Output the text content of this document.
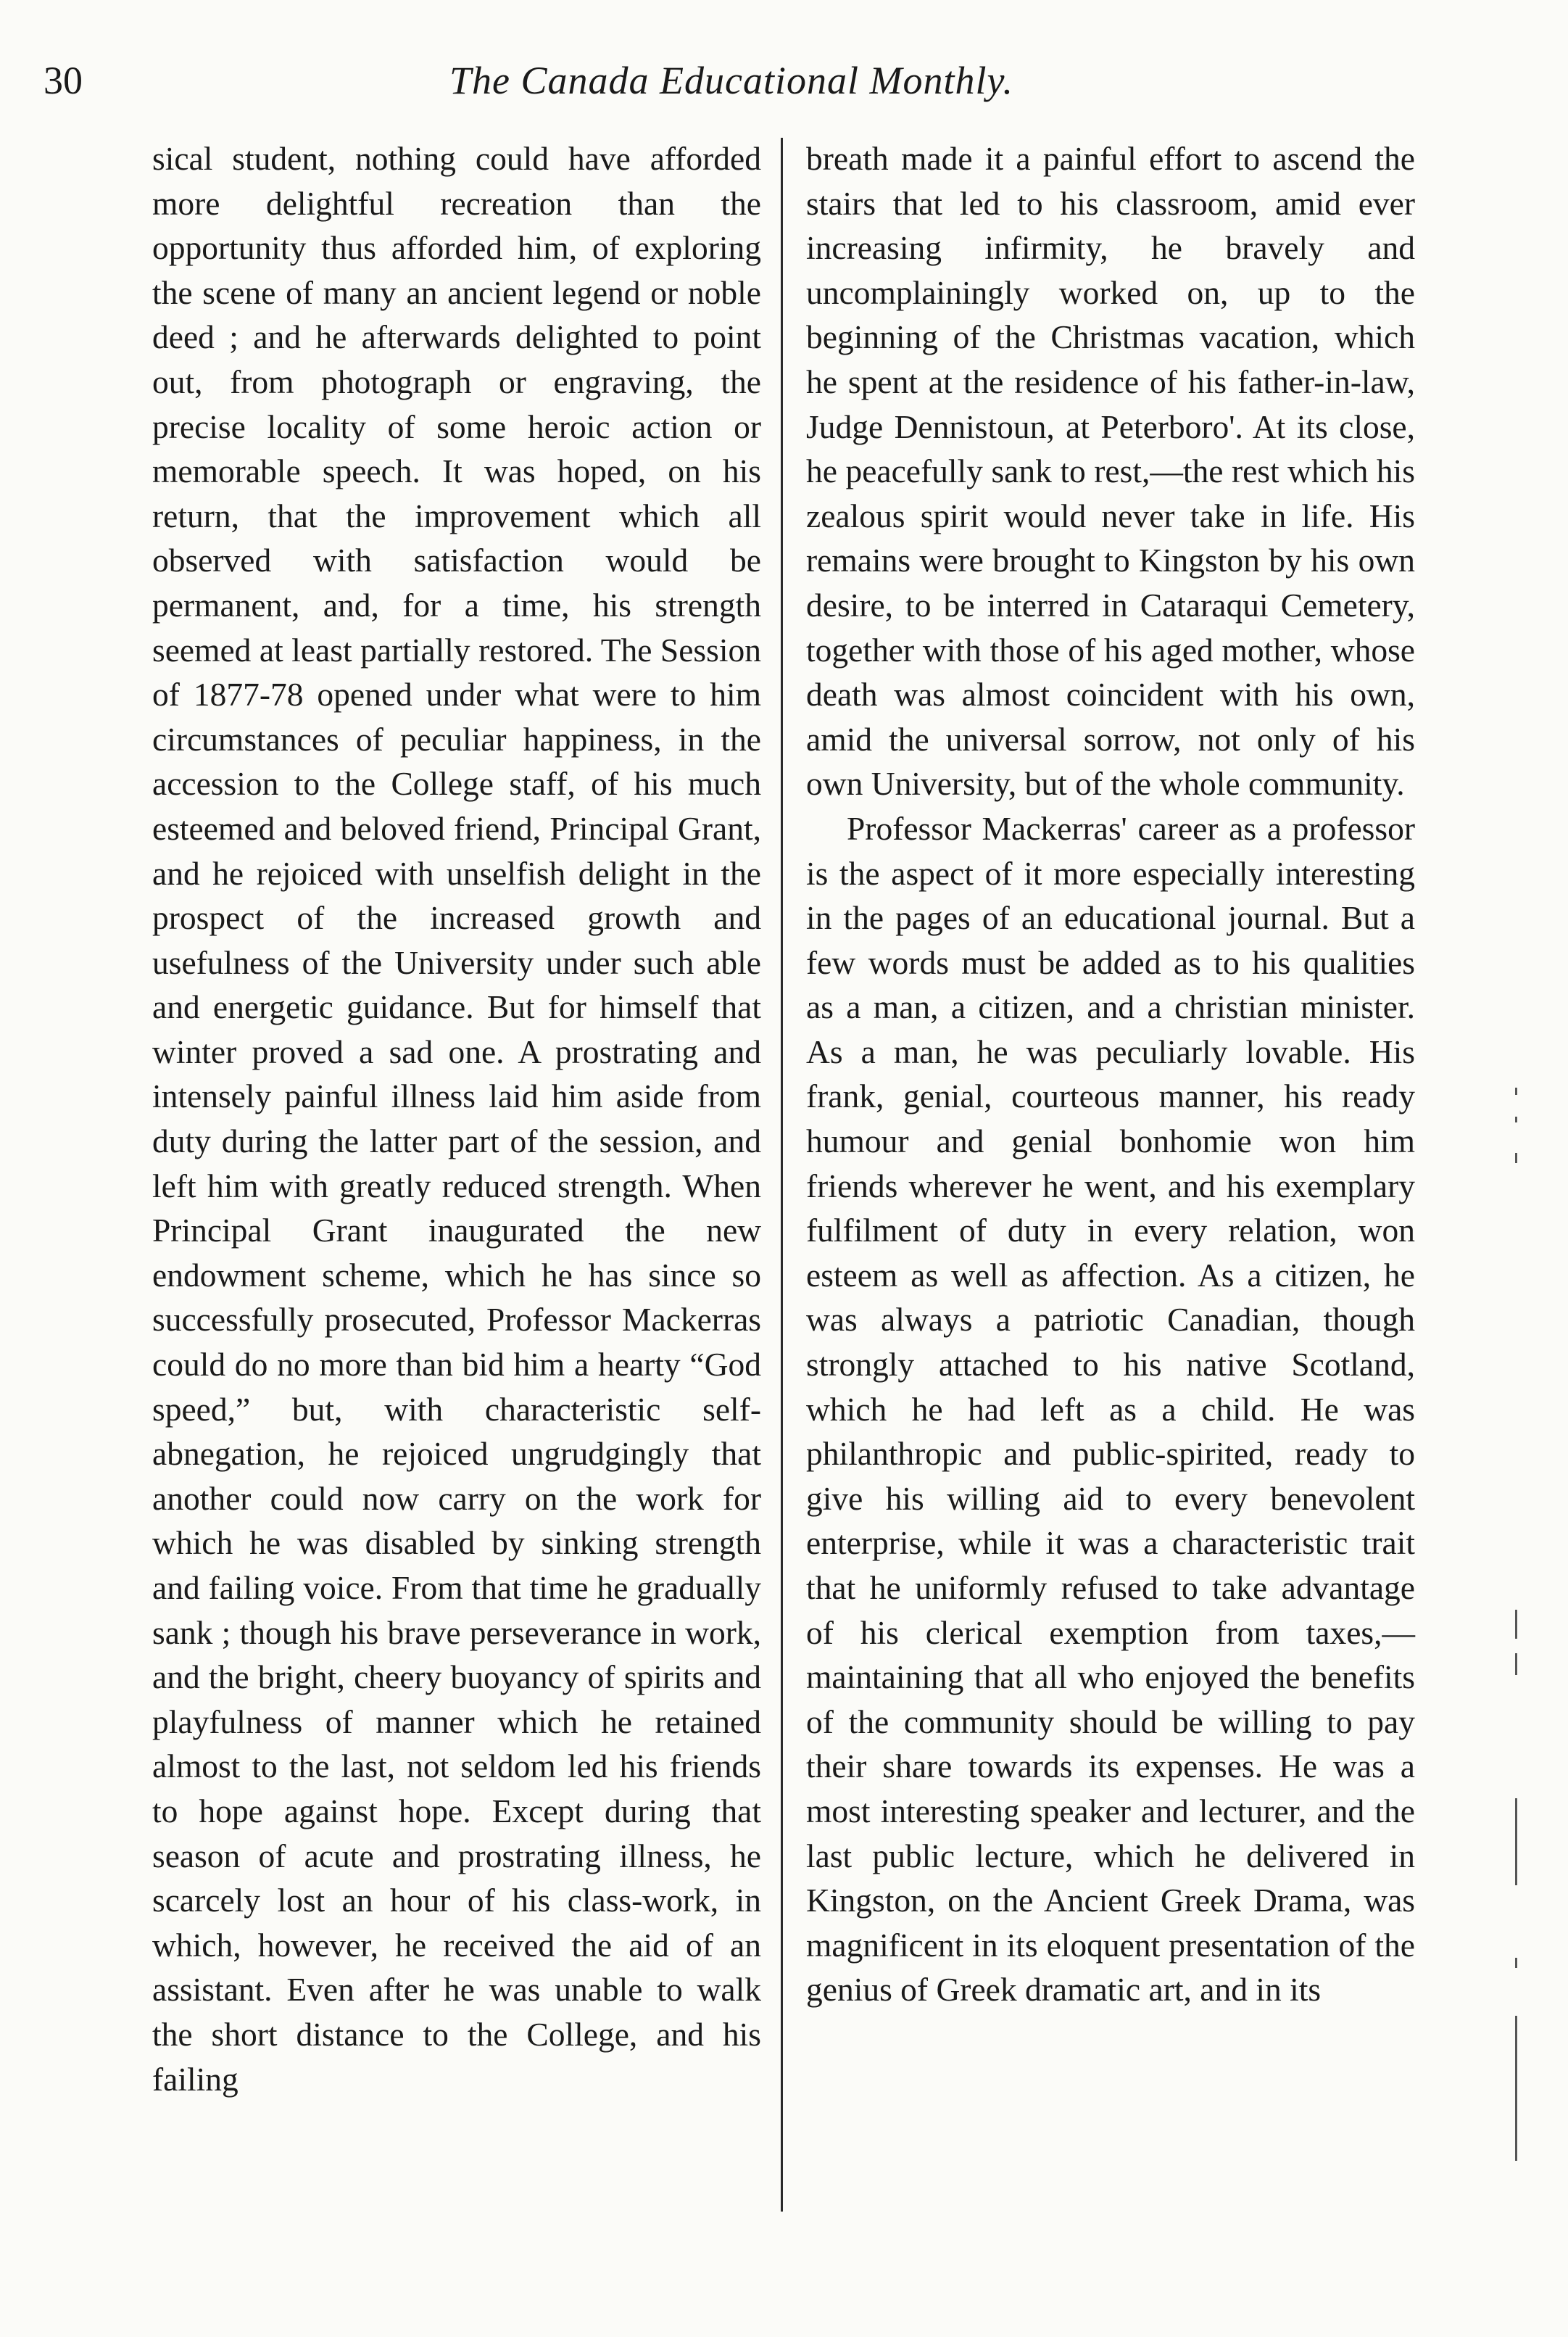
30	The Canada Educational Monthly.

sical student, nothing could have afforded more delightful recreation than the opportunity thus afforded him, of exploring the scene of many an ancient legend or noble deed ; and he afterwards delighted to point out, from photograph or engraving, the precise locality of some heroic action or memorable speech. It was hoped, on his return, that the improvement which all observed with satisfaction would be permanent, and, for a time, his strength seemed at least partially restored. The Session of 1877-78 opened under what were to him circumstances of peculiar happiness, in the accession to the College staff, of his much esteemed and beloved friend, Principal Grant, and he rejoiced with unselfish delight in the prospect of the increased growth and usefulness of the University under such able and energetic guidance. But for himself that winter proved a sad one. A prostrating and intensely painful illness laid him aside from duty during the latter part of the session, and left him with greatly reduced strength. When Principal Grant inaugurated the new endowment scheme, which he has since so successfully prosecuted, Professor Mackerras could do no more than bid him a hearty “God speed,” but, with characteristic self-abnegation, he rejoiced ungrudgingly that another could now carry on the work for which he was disabled by sinking strength and failing voice. From that time he gradually sank ; though his brave perseverance in work, and the bright, cheery buoyancy of spirits and playfulness of manner which he retained almost to the last, not seldom led his friends to hope against hope. Except during that season of acute and prostrating illness, he scarcely lost an hour of his class-work, in which, however, he received the aid of an assistant. Even after he was unable to walk the short distance to the College, and his failing

breath made it a painful effort to ascend the stairs that led to his classroom, amid ever increasing infirmity, he bravely and uncomplainingly worked on, up to the beginning of the Christmas vacation, which he spent at the residence of his father-in-law, Judge Dennistoun, at Peterboro'. At its close, he peacefully sank to rest,—the rest which his zealous spirit would never take in life. His remains were brought to Kingston by his own desire, to be interred in Cataraqui Cemetery, together with those of his aged mother, whose death was almost coincident with his own, amid the universal sorrow, not only of his own University, but of the whole community.

Professor Mackerras' career as a professor is the aspect of it more especially interesting in the pages of an educational journal. But a few words must be added as to his qualities as a man, a citizen, and a christian minister. As a man, he was peculiarly lovable. His frank, genial, courteous manner, his ready humour and genial bonhomie won him friends wherever he went, and his exemplary fulfilment of duty in every relation, won esteem as well as affection. As a citizen, he was always a patriotic Canadian, though strongly attached to his native Scotland, which he had left as a child. He was philanthropic and public-spirited, ready to give his willing aid to every benevolent enterprise, while it was a characteristic trait that he uniformly refused to take advantage of his clerical exemption from taxes,—maintaining that all who enjoyed the benefits of the community should be willing to pay their share towards its expenses. He was a most interesting speaker and lecturer, and the last public lecture, which he delivered in Kingston, on the Ancient Greek Drama, was magnificent in its eloquent presentation of the genius of Greek dramatic art, and in its
